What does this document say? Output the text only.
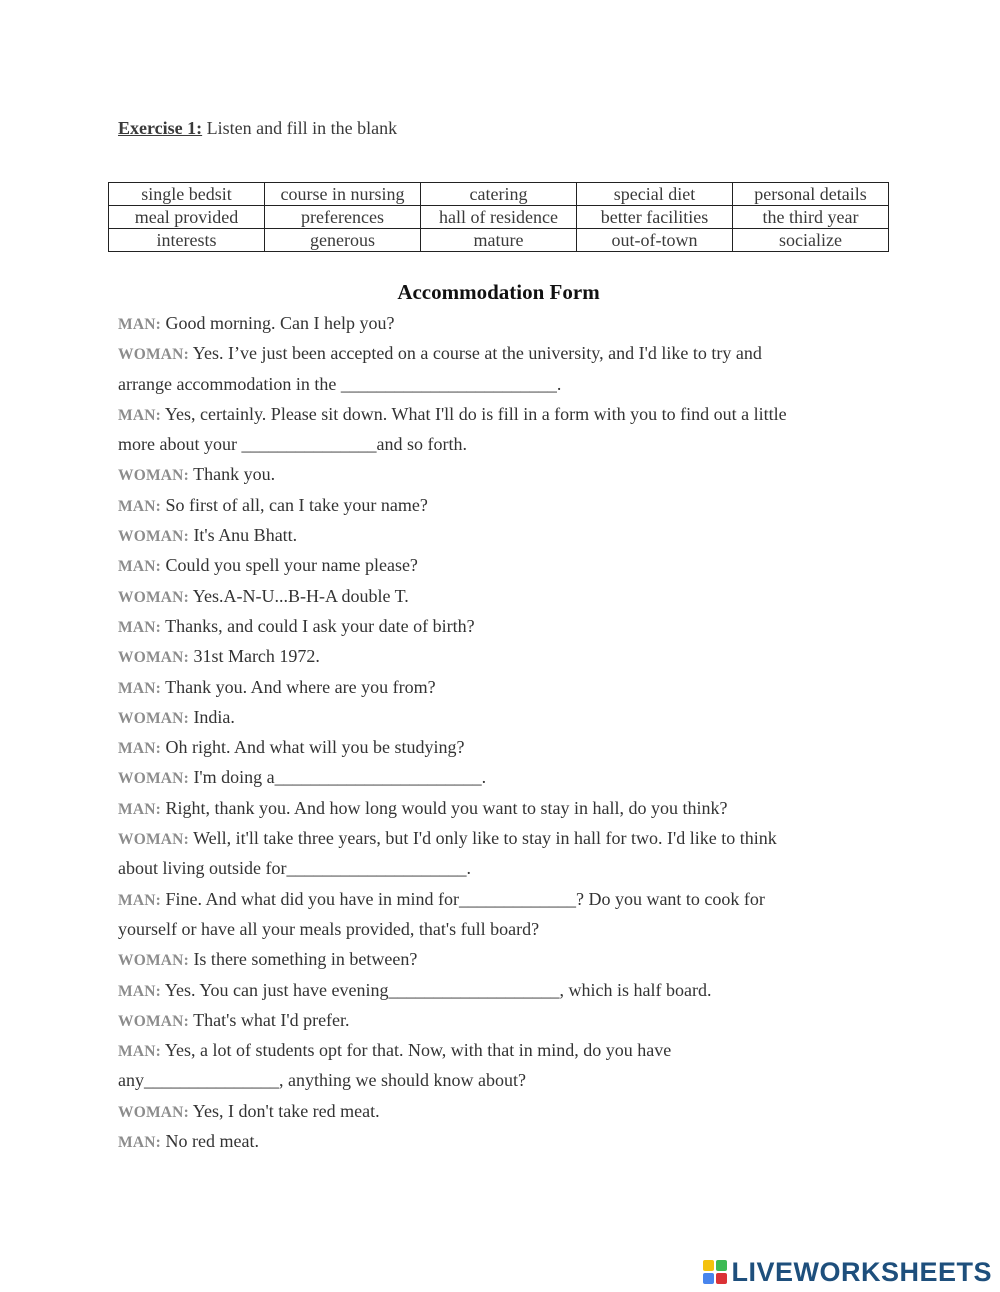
Exercise 1: Listen and fill in the blank
single bedsit	course in nursing	catering	special diet	personal details
meal provided	preferences	hall of residence	better facilities	the third year
interests	generous	mature	out-of-town	socialize
Accommodation Form
MAN: Good morning. Can I help you?
WOMAN: Yes. I’ve just been accepted on a course at the university, and I'd like to try and
arrange accommodation in the ________________________.
MAN: Yes, certainly. Please sit down. What I'll do is fill in a form with you to find out a little
more about your _______________and so forth.
WOMAN: Thank you.
MAN: So first of all, can I take your name?
WOMAN: It's Anu Bhatt.
MAN: Could you spell your name please?
WOMAN: Yes.A-N-U...B-H-A double T.
MAN: Thanks, and could I ask your date of birth?
WOMAN: 31st March 1972.
MAN: Thank you. And where are you from?
WOMAN: India.
MAN: Oh right. And what will you be studying?
WOMAN: I'm doing a_______________________.
MAN: Right, thank you. And how long would you want to stay in hall, do you think?
WOMAN: Well, it'll take three years, but I'd only like to stay in hall for two. I'd like to think
about living outside for____________________.
MAN: Fine. And what did you have in mind for_____________? Do you want to cook for
yourself or have all your meals provided, that's full board?
WOMAN: Is there something in between?
MAN: Yes. You can just have evening___________________, which is half board.
WOMAN: That's what I'd prefer.
MAN: Yes, a lot of students opt for that. Now, with that in mind, do you have
any_______________, anything we should know about?
WOMAN: Yes, I don't take red meat.
MAN: No red meat.
LIVEWORKSHEETS
